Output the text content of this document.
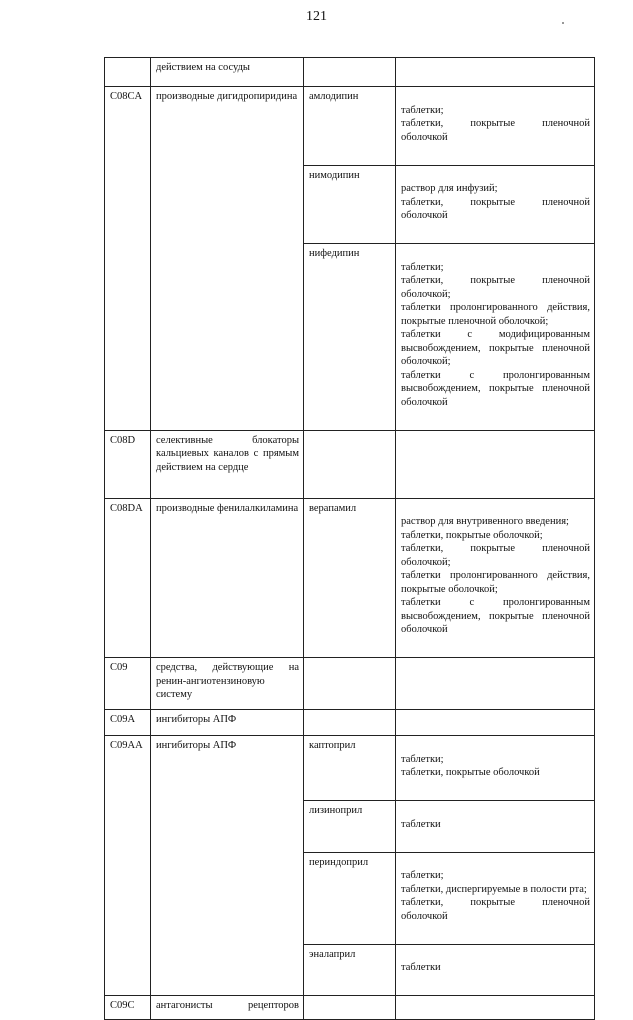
121
	действием на сосуды		
C08CA	производные дигидропиридина	амлодипин	таблетки;
таблетки, покрытые пленочной оболочкой

		нимодипин	раствор для инфузий;
таблетки, покрытые пленочной оболочкой

		нифедипин	таблетки;
таблетки, покрытые пленочной оболочкой;
таблетки пролонгированного действия, покрытые пленочной оболочкой;
таблетки с модифицированным высвобождением, покрытые пленочной оболочкой;
таблетки с пролонгированным высвобождением, покрытые пленочной оболочкой

C08D	селективные блокаторы кальциевых каналов с прямым действием на сердце		
C08DA	производные фенилалкиламина	верапамил	раствор для внутривенного введения;
таблетки, покрытые оболочкой;
таблетки, покрытые пленочной оболочкой;
таблетки пролонгированного действия, покрытые оболочкой;
таблетки с пролонгированным высвобождением, покрытые пленочной оболочкой

C09	средства, действующие на ренин-ангиотензиновую систему		
C09A	ингибиторы АПФ		
C09AA	ингибиторы АПФ	каптоприл	таблетки;
таблетки, покрытые оболочкой

		лизиноприл	таблетки

		периндоприл	таблетки;
таблетки, диспергируемые в полости рта;
таблетки, покрытые пленочной оболочкой

		эналаприл	таблетки

C09C	антагонисты рецепторов		
